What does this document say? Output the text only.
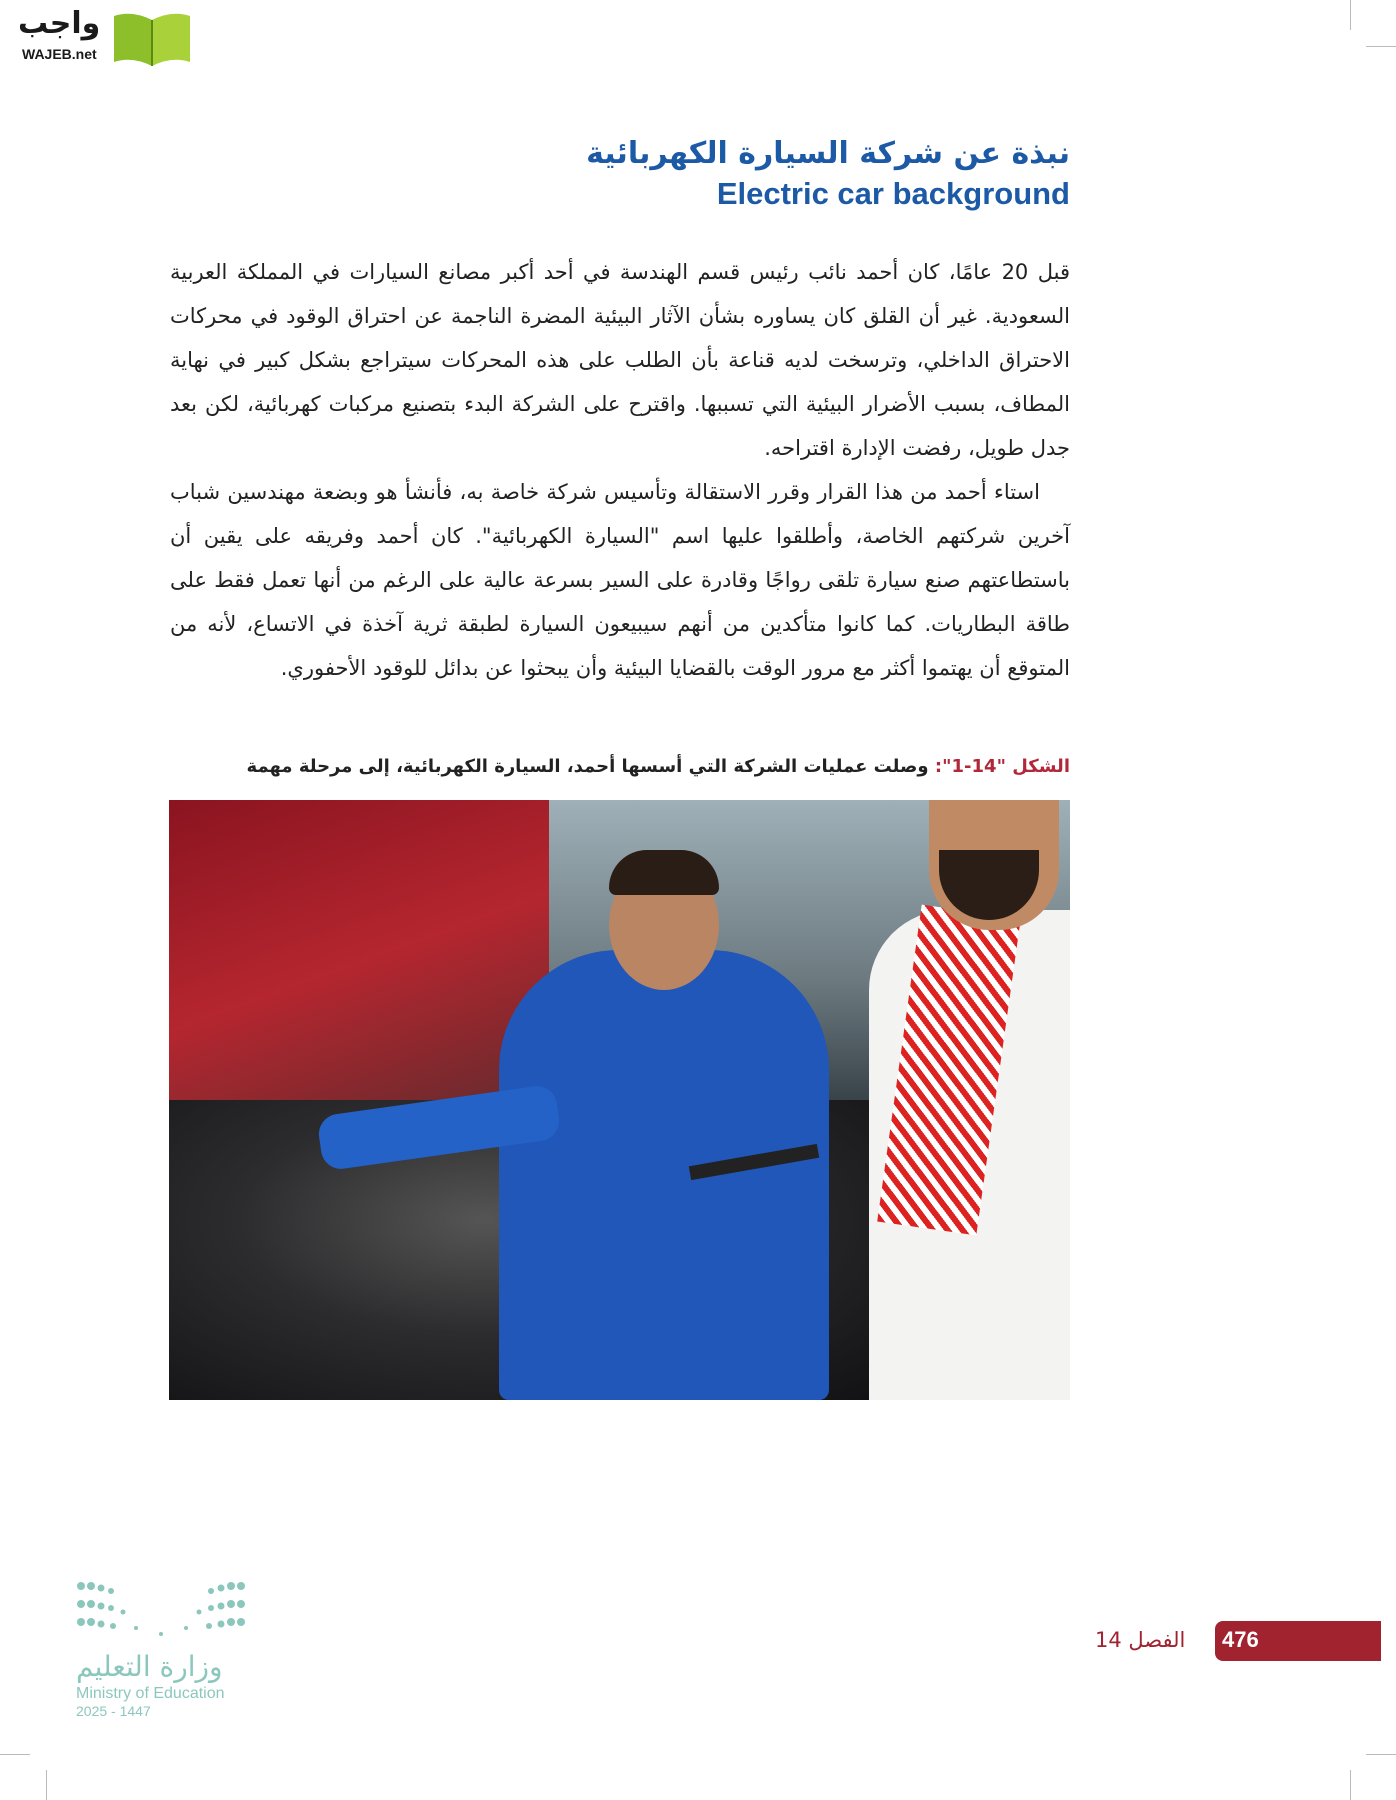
واجب
WAJEB.net
نبذة عن شركة السيارة الكهربائية
Electric car background

قبل 20 عامًا، كان أحمد نائب رئيس قسم الهندسة في أحد أكبر مصانع السيارات في المملكة العربية السعودية. غير أن القلق كان يساوره بشأن الآثار البيئية المضرة الناجمة عن احتراق الوقود في محركات الاحتراق الداخلي، وترسخت لديه قناعة بأن الطلب على هذه المحركات سيتراجع بشكل كبير في نهاية المطاف، بسبب الأضرار البيئية التي تسببها. واقترح على الشركة البدء بتصنيع مركبات كهربائية، لكن بعد جدل طويل، رفضت الإدارة اقتراحه.

استاء أحمد من هذا القرار وقرر الاستقالة وتأسيس شركة خاصة به، فأنشأ هو وبضعة مهندسين شباب آخرين شركتهم الخاصة، وأطلقوا عليها اسم "السيارة الكهربائية". كان أحمد وفريقه على يقين أن باستطاعتهم صنع سيارة تلقى رواجًا وقادرة على السير بسرعة عالية على الرغم من أنها تعمل فقط على طاقة البطاريات. كما كانوا متأكدين من أنهم سيبيعون السيارة لطبقة ثرية آخذة في الاتساع، لأنه من المتوقع أن يهتموا أكثر مع مرور الوقت بالقضايا البيئية وأن يبحثوا عن بدائل للوقود الأحفوري.

الشكل "14-1": وصلت عمليات الشركة التي أسسها أحمد، السيارة الكهربائية، إلى مرحلة مهمة
476
الفصل 14
وزارة التعليم
Ministry of Education
2025 - 1447
